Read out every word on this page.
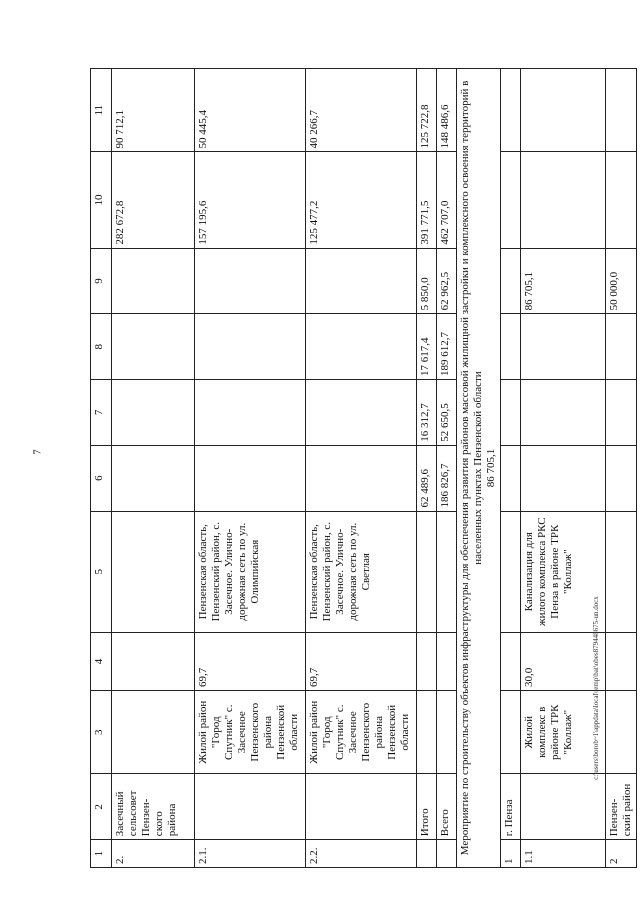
7
1	2	3	4	5	6	7	8	9	10	11
2.	Засечный сельсовет Пензен-ского района								282 672,8	90 712,1
2.1.		Жилой район "Город Спутник" с. Засечное Пензенского района Пензенской области	69,7	Пензенская область, Пензенский район, с. Засечное. Улично-дорожная сеть по ул. Олимпийская					157 195,6	50 445,4
2.2.		Жилой район "Город Спутник" с. Засечное Пензенского района Пензенской области	69,7	Пензенская область, Пензенский район, с. Засечное. Улично-дорожная сеть по ул. Светлая					125 477,2	40 266,7
	Итого				62 489,6	16 312,7	17 617,4	5 850,0	391 771,5	125 722,8
	Всего				186 826,7	52 650,5	189 612,7	62 962,5	462 707,0	148 486,6

Мероприятие по строительству объектов инфраструктуры для обеспечения развития районов массовой жилищной застройки и комплексного освоения территорий в населенных пунктах Пензенской области 86 705,1										

1	г. Пенза									
1.1		Жилой комплекс в районе ТРК "Коллаж"	30,0	Канализация для жилого комплекса РКС Пенза в районе ТРК "Коллаж"				86 705,1		
2	Пензен-ский район							50 000,0		
c:\users\borob~1\appdata\local\temp\bat\obes879448675-un.docx
